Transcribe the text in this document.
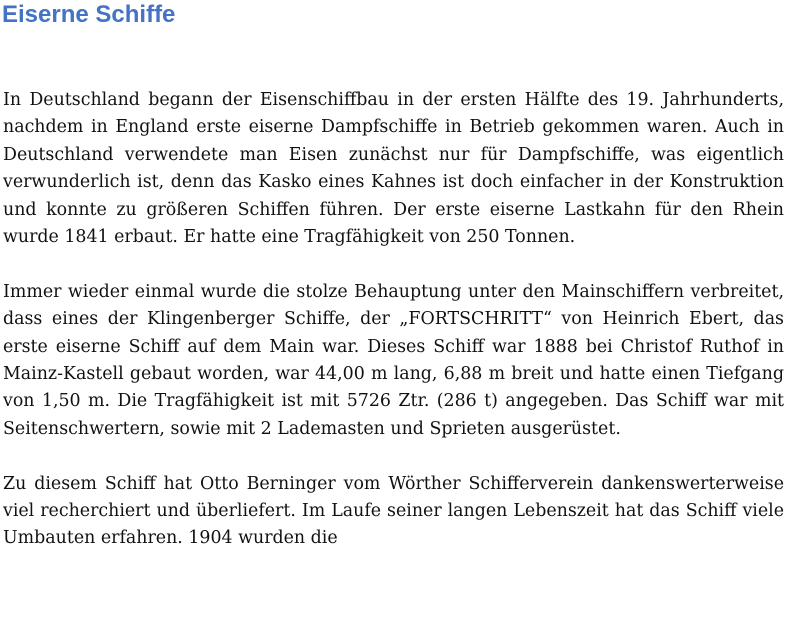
Eiserne Schiffe

In Deutschland begann der Eisenschiffbau in der ersten Hälfte des 19. Jahrhunderts, nachdem in England erste eiserne Dampfschiffe in Betrieb gekommen waren. Auch in Deutschland verwendete man Eisen zunächst nur für Dampfschiffe, was eigentlich verwunderlich ist, denn das Kasko eines Kahnes ist doch einfacher in der Konstruktion und konnte zu größeren Schiffen führen. Der erste eiserne Lastkahn für den Rhein wurde 1841 erbaut. Er hatte eine Tragfähigkeit von 250 Tonnen.

Immer wieder einmal wurde die stolze Behauptung unter den Mainschiffern verbreitet, dass eines der Klingenberger Schiffe, der „FORTSCHRITT“ von Heinrich Ebert, das erste eiserne Schiff auf dem Main war. Dieses Schiff war 1888 bei Christof Ruthof in Mainz-Kastell gebaut worden, war 44,00 m lang, 6,88 m breit und hatte einen Tiefgang von 1,50 m. Die Tragfähigkeit ist mit 5726 Ztr. (286 t) angegeben. Das Schiff war mit Seitenschwertern, sowie mit 2 Lademasten und Sprieten ausgerüstet.

Zu diesem Schiff hat Otto Berninger vom Wörther Schifferverein dankenswerterweise viel recherchiert und überliefert. Im Laufe seiner langen Lebenszeit hat das Schiff viele Umbauten erfahren. 1904 wurden die
